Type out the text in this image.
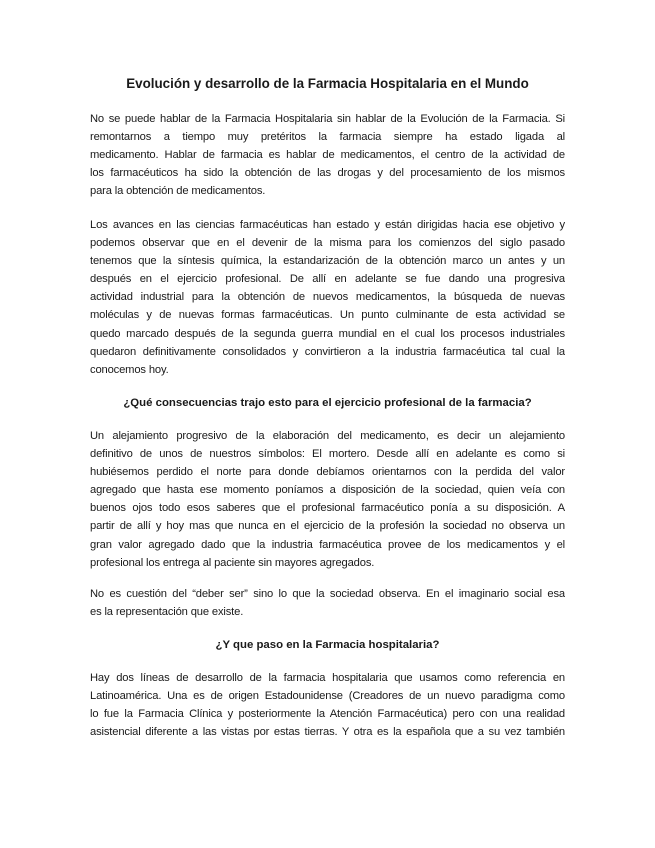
Evolución y desarrollo de la Farmacia Hospitalaria en el Mundo
No se puede hablar de la Farmacia Hospitalaria sin hablar de la Evolución de la Farmacia. Si
remontarnos a tiempo muy pretéritos la farmacia siempre ha estado ligada al
medicamento. Hablar de farmacia es hablar de medicamentos, el centro de la actividad de
los farmacéuticos ha sido la obtención de las drogas y del procesamiento de los mismos
para la obtención de medicamentos.
Los avances en las ciencias farmacéuticas han estado y están dirigidas hacia ese objetivo y
podemos observar que en el devenir de la misma para los comienzos del siglo pasado
tenemos que la síntesis química, la estandarización de la obtención marco un antes y un
después en el ejercicio profesional. De allí en adelante se fue dando una progresiva
actividad industrial para la obtención de nuevos medicamentos, la búsqueda de nuevas
moléculas y de nuevas formas farmacéuticas. Un punto culminante de esta actividad se
quedo marcado después de la segunda guerra mundial en el cual los procesos industriales
quedaron definitivamente consolidados y convirtieron a la industria farmacéutica tal cual la
conocemos hoy.
¿Qué consecuencias trajo esto para el ejercicio profesional de la farmacia?
Un alejamiento progresivo de la elaboración del medicamento, es decir un alejamiento
definitivo de unos de nuestros símbolos: El mortero. Desde allí en adelante es como si
hubiésemos perdido el norte para donde debíamos orientarnos con la perdida del valor
agregado que hasta ese momento poníamos a disposición de la sociedad, quien veía con
buenos ojos todo esos saberes que el profesional farmacéutico ponía a su disposición. A
partir de allí y hoy mas que nunca en el ejercicio de la profesión la sociedad no observa un
gran valor agregado dado que la industria farmacéutica provee de los medicamentos y el
profesional los entrega al paciente sin mayores agregados.
No es cuestión del “deber ser” sino lo que la sociedad observa. En el imaginario social esa
es la representación que existe.
¿Y que paso en la Farmacia hospitalaria?
Hay dos líneas de desarrollo de la farmacia hospitalaria que usamos como referencia en
Latinoamérica. Una es de origen Estadounidense (Creadores de un nuevo paradigma como
lo fue la Farmacia Clínica y posteriormente la Atención Farmacéutica) pero con una realidad
asistencial diferente a las vistas por estas tierras. Y otra es la española que a su vez también
